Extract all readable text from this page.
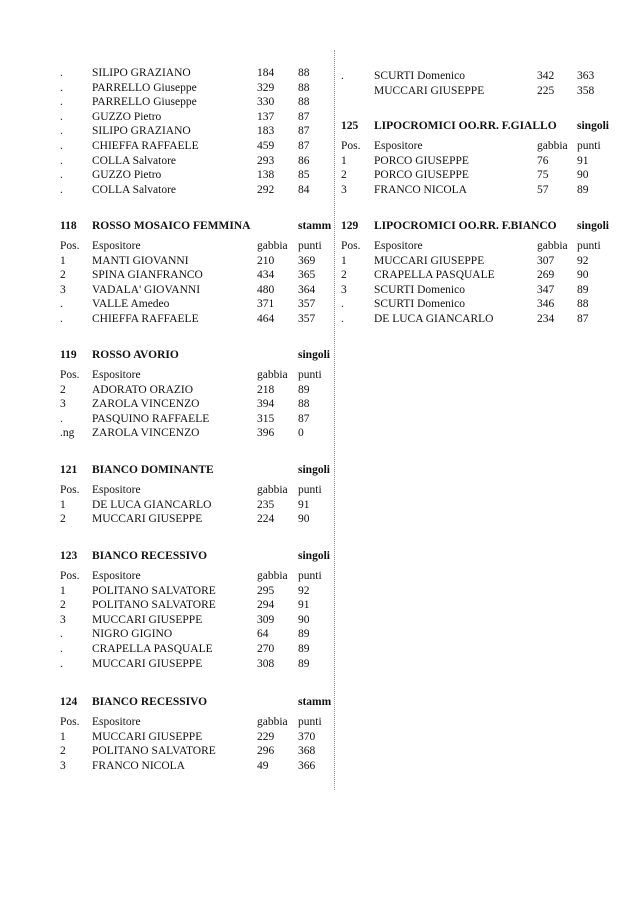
.	SILIPO GRAZIANO	184 88
.	PARRELLO Giuseppe	329 88
.	PARRELLO Giuseppe	330 88
.	GUZZO Pietro	137 87
.	SILIPO GRAZIANO	183 87
.	CHIEFFA RAFFAELE	459 87
.	COLLA Salvatore	293 86
.	GUZZO Pietro	138 85
.	COLLA Salvatore	292 84
118 ROSSO MOSAICO FEMMINA	stamm
Pos. Espositore	gabbia punti
1 MANTI GIOVANNI	210 369
2 SPINA GIANFRANCO	434 365
3 VADALA' GIOVANNI	480 364
.	VALLE Amedeo	371 357
.	CHIEFFA RAFFAELE	464 357
119 ROSSO AVORIO	singoli
Pos. Espositore	gabbia punti
2 ADORATO ORAZIO	218 89
3 ZAROLA VINCENZO	394 88
.	PASQUINO RAFFAELE	315 87
.ng ZAROLA VINCENZO	396 0
121 BIANCO DOMINANTE	singoli
Pos. Espositore	gabbia punti
1 DE LUCA GIANCARLO	235 91
2 MUCCARI GIUSEPPE	224 90
123 BIANCO RECESSIVO	singoli
Pos. Espositore	gabbia punti
1 POLITANO SALVATORE	295 92
2 POLITANO SALVATORE	294 91
3 MUCCARI GIUSEPPE	309 90
.	NIGRO GIGINO	64	89
.	CRAPELLA PASQUALE	270 89
.	MUCCARI GIUSEPPE	308 89
124 BIANCO RECESSIVO	stamm
Pos. Espositore	gabbia punti
1 MUCCARI GIUSEPPE	229 370
2 POLITANO SALVATORE	296 368
3 FRANCO NICOLA	49	366
.	SCURTI Domenico	342 363
MUCCARI GIUSEPPE	225 358
125 LIPOCROMICI OO.RR. F.GIALLO singoli
Pos. Espositore	gabbia punti
1 PORCO GIUSEPPE	76 91
2 PORCO GIUSEPPE	75 90
3 FRANCO NICOLA	57 89
129 LIPOCROMICI OO.RR. F.BIANCO singoli
Pos. Espositore	gabbia punti
1 MUCCARI GIUSEPPE	307 92
2 CRAPELLA PASQUALE	269 90
3 SCURTI Domenico	347 89
.	SCURTI Domenico	346 88
.	DE LUCA GIANCARLO	234 87
